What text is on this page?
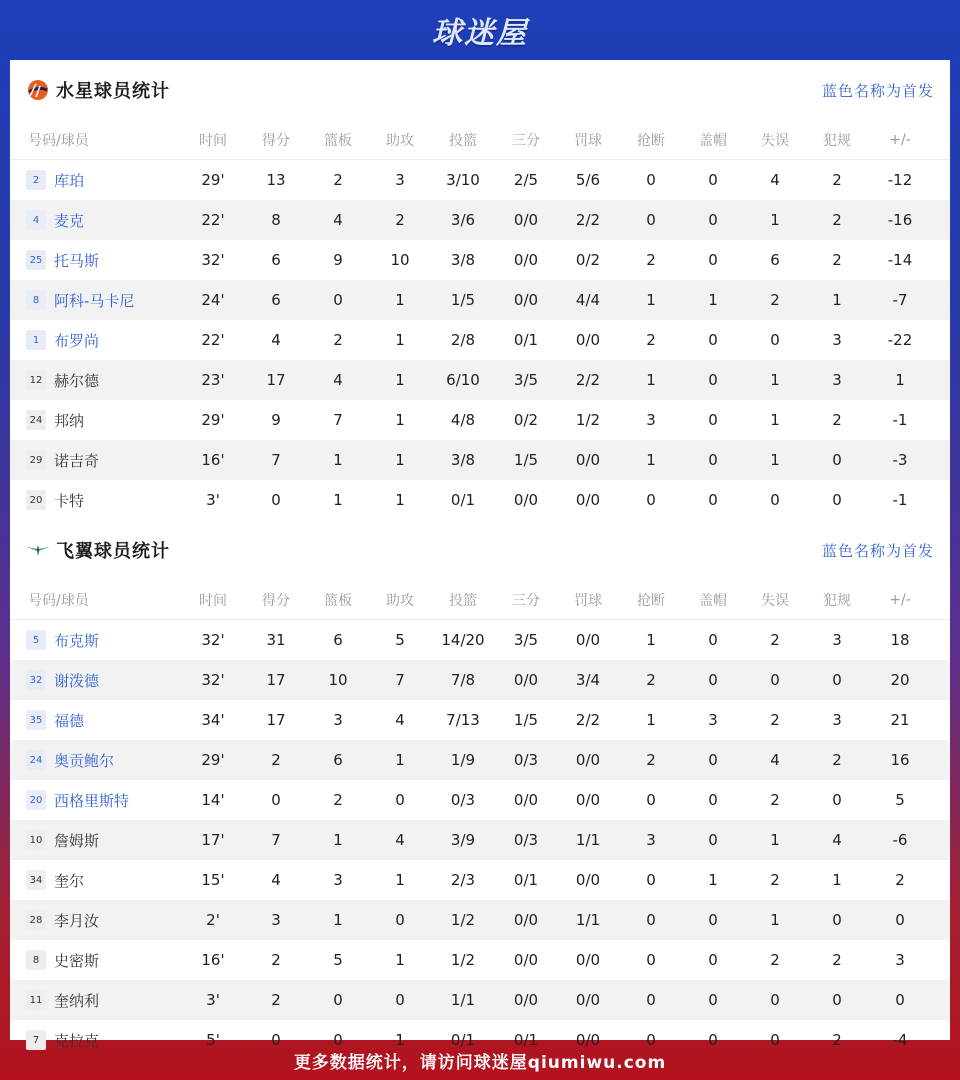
球迷屋
水星球员统计	蓝色名称为首发
号码/球员	时间	得分	篮板	助攻	投篮	三分	罚球	抢断	盖帽	失误	犯规	+/-
2 库珀	29'	13	2	3	3/10	2/5	5/6	0	0	4	2	-12
4 麦克	22'	8	4	2	3/6	0/0	2/2	0	0	1	2	-16
25 托马斯	32'	6	9	10	3/8	0/0	0/2	2	0	6	2	-14
8 阿科-马卡尼	24'	6	0	1	1/5	0/0	4/4	1	1	2	1	-7
1 布罗尚	22'	4	2	1	2/8	0/1	0/0	2	0	0	3	-22
12 赫尔德	23'	17	4	1	6/10	3/5	2/2	1	0	1	3	1
24 邦纳	29'	9	7	1	4/8	0/2	1/2	3	0	1	2	-1
29 诺吉奇	16'	7	1	1	3/8	1/5	0/0	1	0	1	0	-3
20 卡特	3'	0	1	1	0/1	0/0	0/0	0	0	0	0	-1
飞翼球员统计	蓝色名称为首发
号码/球员	时间	得分	篮板	助攻	投篮	三分	罚球	抢断	盖帽	失误	犯规	+/-
5 布克斯	32'	31	6	5	14/20	3/5	0/0	1	0	2	3	18
32 谢泼德	32'	17	10	7	7/8	0/0	3/4	2	0	0	0	20
35 福德	34'	17	3	4	7/13	1/5	2/2	1	3	2	3	21
24 奥贡鲍尔	29'	2	6	1	1/9	0/3	0/0	2	0	4	2	16
20 西格里斯特	14'	0	2	0	0/3	0/0	0/0	0	0	2	0	5
10 詹姆斯	17'	7	1	4	3/9	0/3	1/1	3	0	1	4	-6
34 奎尔	15'	4	3	1	2/3	0/1	0/0	0	1	2	1	2
28 李月汝	2'	3	1	0	1/2	0/0	1/1	0	0	1	0	0
8 史密斯	16'	2	5	1	1/2	0/0	0/0	0	0	2	2	3
11 奎纳利	3'	2	0	0	1/1	0/0	0/0	0	0	0	0	0
7 克拉克	5'	0	0	1	0/1	0/1	0/0	0	0	0	2	-4
更多数据统计，请访问球迷屋qiumiwu.com
